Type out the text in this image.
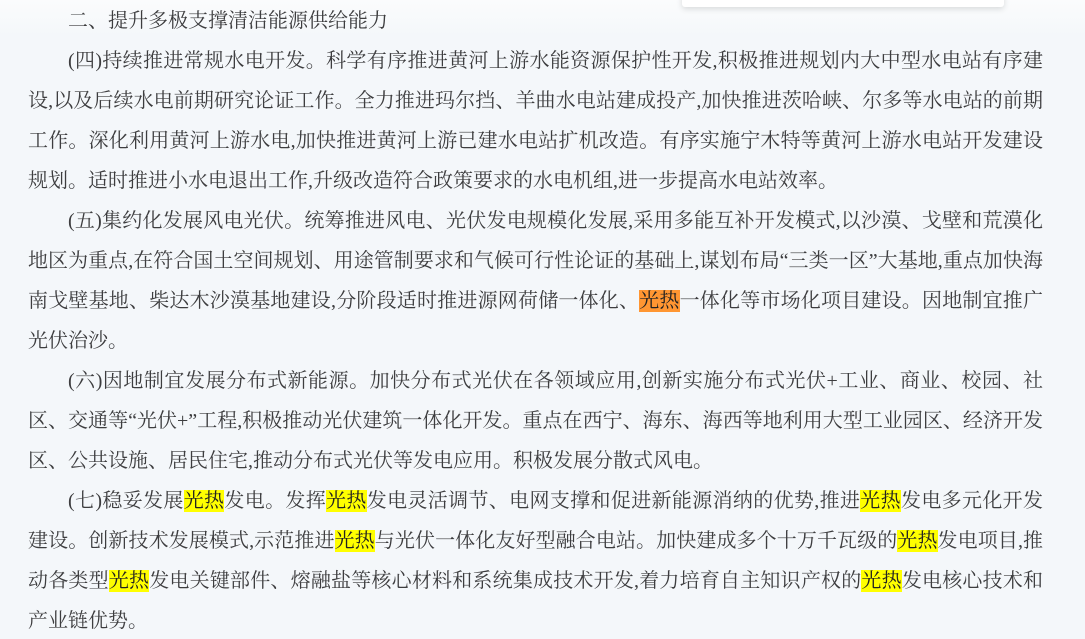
二、提升多极支撑清洁能源供给能力

(四)持续推进常规水电开发。科学有序推进黄河上游水能资源保护性开发,积极推进规划内大中型水电站有序建设,以及后续水电前期研究论证工作。全力推进玛尔挡、羊曲水电站建成投产,加快推进茨哈峡、尔多等水电站的前期工作。深化利用黄河上游水电,加快推进黄河上游已建水电站扩机改造。有序实施宁木特等黄河上游水电站开发建设规划。适时推进小水电退出工作,升级改造符合政策要求的水电机组,进一步提高水电站效率。

(五)集约化发展风电光伏。统筹推进风电、光伏发电规模化发展,采用多能互补开发模式,以沙漠、戈壁和荒漠化地区为重点,在符合国土空间规划、用途管制要求和气候可行性论证的基础上,谋划布局“三类一区”大基地,重点加快海南戈壁基地、柴达木沙漠基地建设,分阶段适时推进源网荷储一体化、光热一体化等市场化项目建设。因地制宜推广光伏治沙。

(六)因地制宜发展分布式新能源。加快分布式光伏在各领域应用,创新实施分布式光伏+工业、商业、校园、社区、交通等“光伏+”工程,积极推动光伏建筑一体化开发。重点在西宁、海东、海西等地利用大型工业园区、经济开发区、公共设施、居民住宅,推动分布式光伏等发电应用。积极发展分散式风电。

(七)稳妥发展光热发电。发挥光热发电灵活调节、电网支撑和促进新能源消纳的优势,推进光热发电多元化开发建设。创新技术发展模式,示范推进光热与光伏一体化友好型融合电站。加快建成多个十万千瓦级的光热发电项目,推动各类型光热发电关键部件、熔融盐等核心材料和系统集成技术开发,着力培育自主知识产权的光热发电核心技术和产业链优势。
